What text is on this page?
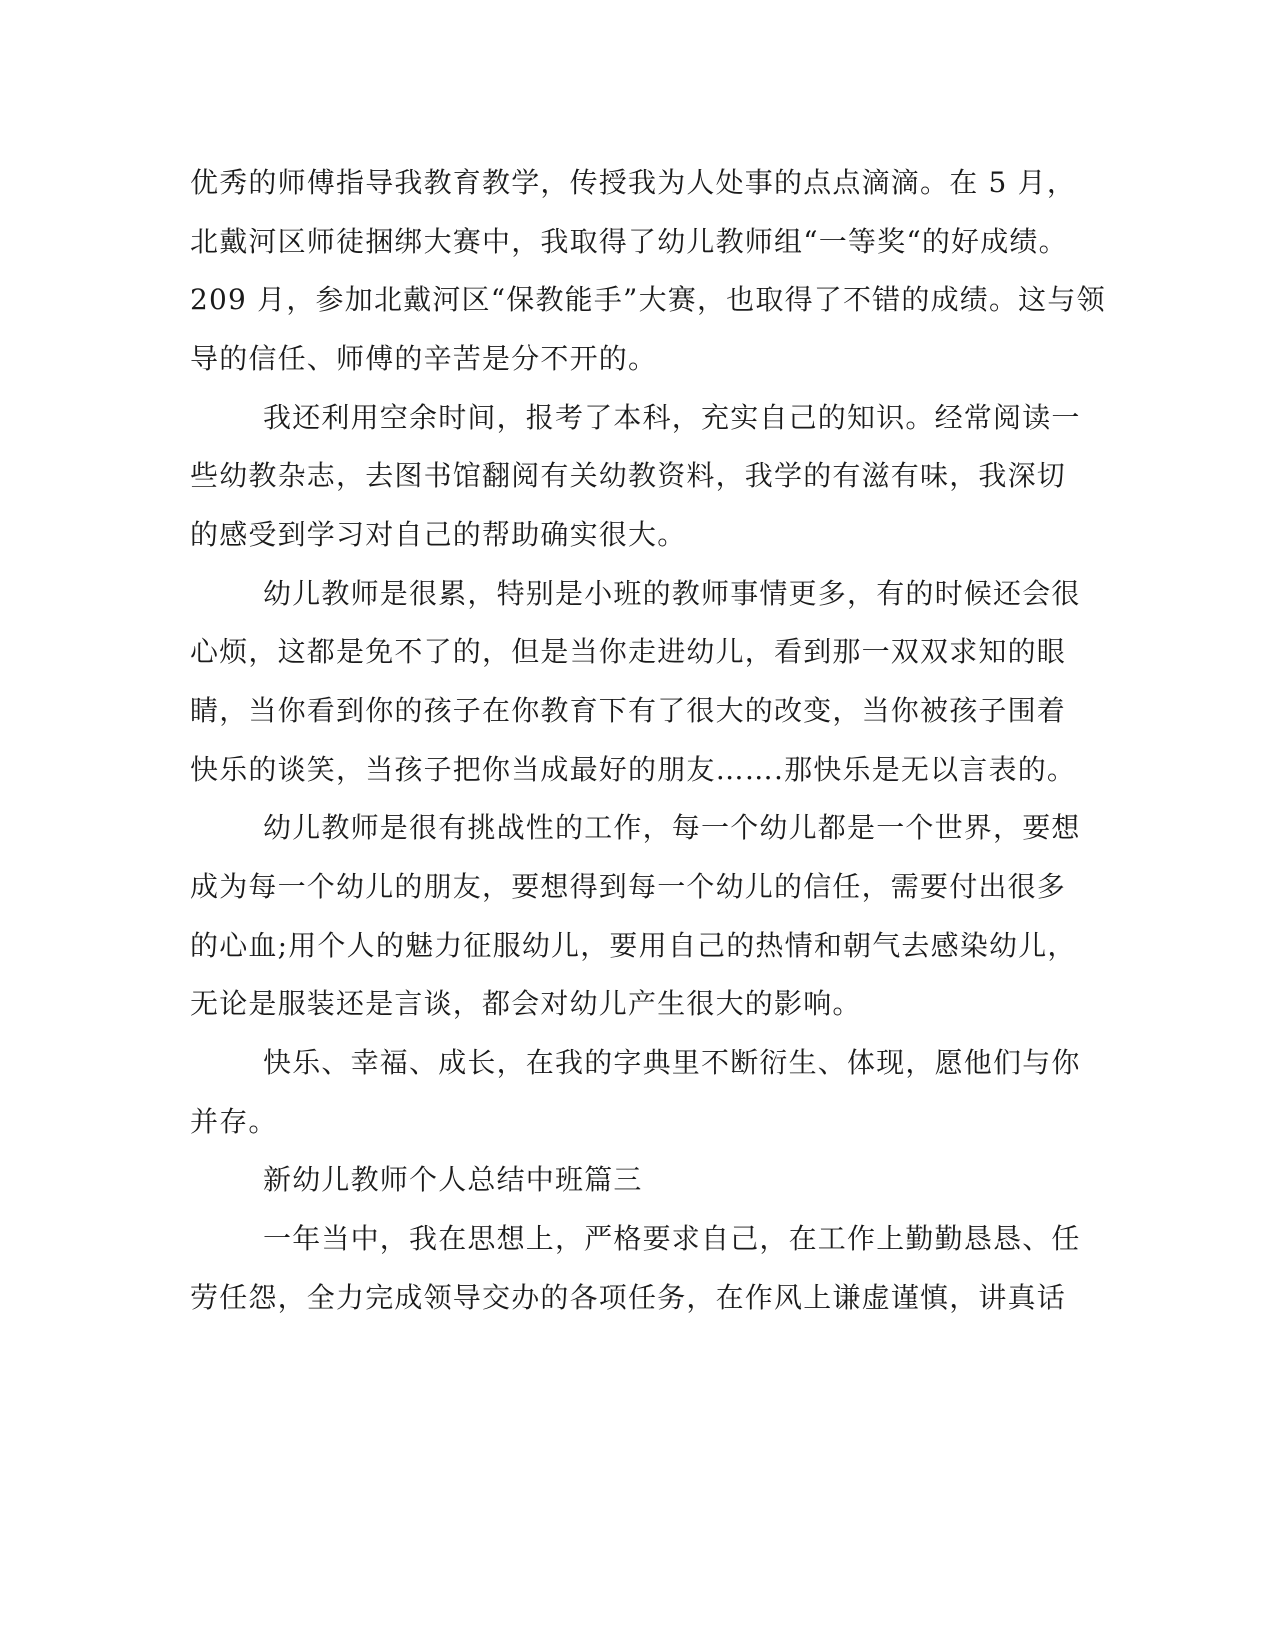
优秀的师傅指导我教育教学，传授我为人处事的点点滴滴。在 5 月，
北戴河区师徒捆绑大赛中，我取得了幼儿教师组“一等奖“的好成绩。
209 月，参加北戴河区“保教能手”大赛，也取得了不错的成绩。这与领
导的信任、师傅的辛苦是分不开的。
我还利用空余时间，报考了本科，充实自己的知识。经常阅读一
些幼教杂志，去图书馆翻阅有关幼教资料，我学的有滋有味，我深切
的感受到学习对自己的帮助确实很大。
幼儿教师是很累，特别是小班的教师事情更多，有的时候还会很
心烦，这都是免不了的，但是当你走进幼儿，看到那一双双求知的眼
睛，当你看到你的孩子在你教育下有了很大的改变，当你被孩子围着
快乐的谈笑，当孩子把你当成最好的朋友…….那快乐是无以言表的。
幼儿教师是很有挑战性的工作，每一个幼儿都是一个世界，要想
成为每一个幼儿的朋友，要想得到每一个幼儿的信任，需要付出很多
的心血;用个人的魅力征服幼儿，要用自己的热情和朝气去感染幼儿，
无论是服装还是言谈，都会对幼儿产生很大的影响。
快乐、幸福、成长，在我的字典里不断衍生、体现，愿他们与你
并存。
新幼儿教师个人总结中班篇三
一年当中，我在思想上，严格要求自己，在工作上勤勤恳恳、任
劳任怨，全力完成领导交办的各项任务，在作风上谦虚谨慎，讲真话
